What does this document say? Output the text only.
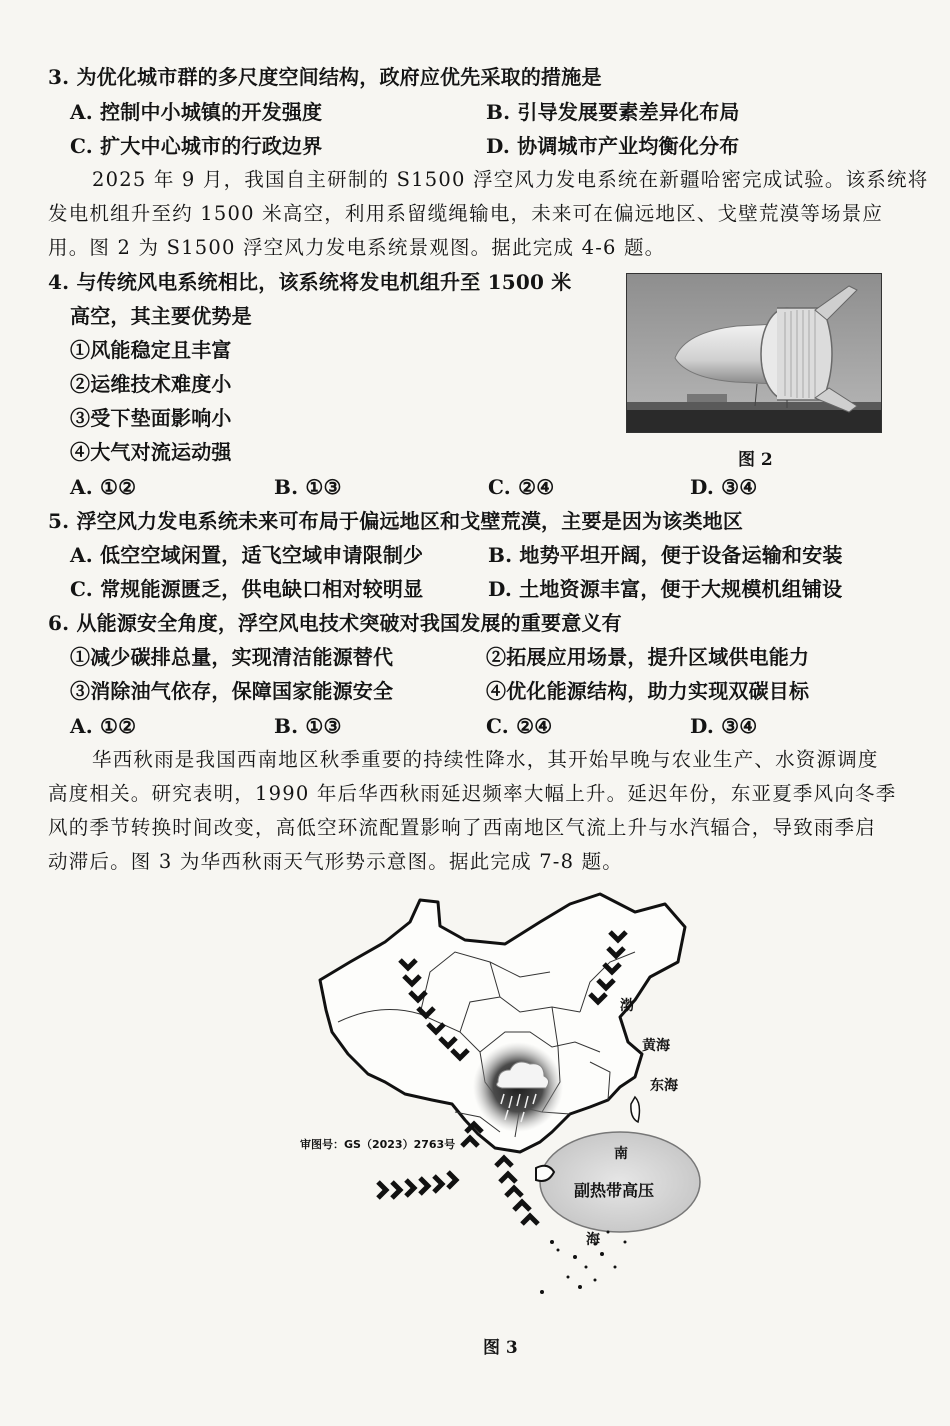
3. 为优化城市群的多尺度空间结构，政府应优先采取的措施是
A. 控制中小城镇的开发强度	B. 引导发展要素差异化布局
C. 扩大中心城市的行政边界	D. 协调城市产业均衡化分布
2025 年 9 月，我国自主研制的 S1500 浮空风力发电系统在新疆哈密完成试验。该系统将
发电机组升至约 1500 米高空，利用系留缆绳输电，未来可在偏远地区、戈壁荒漠等场景应
用。图 2 为 S1500 浮空风力发电系统景观图。据此完成 4-6 题。
4. 与传统风电系统相比，该系统将发电机组升至 1500 米
高空，其主要优势是
①风能稳定且丰富
②运维技术难度小
③受下垫面影响小
④大气对流运动强	图 2
A. ①②	B. ①③	C. ②④	D. ③④
5. 浮空风力发电系统未来可布局于偏远地区和戈壁荒漠，主要是因为该类地区
A. 低空空域闲置，适飞空域申请限制少	B. 地势平坦开阔，便于设备运输和安装
C. 常规能源匮乏，供电缺口相对较明显	D. 土地资源丰富，便于大规模机组铺设
6. 从能源安全角度，浮空风电技术突破对我国发展的重要意义有
①减少碳排总量，实现清洁能源替代	②拓展应用场景，提升区域供电能力
③消除油气依存，保障国家能源安全	④优化能源结构，助力实现双碳目标
A. ①②	B. ①③	C. ②④	D. ③④
华西秋雨是我国西南地区秋季重要的持续性降水，其开始早晚与农业生产、水资源调度
高度相关。研究表明，1990 年后华西秋雨延迟频率大幅上升。延迟年份，东亚夏季风向冬季
风的季节转换时间改变，高低空环流配置影响了西南地区气流上升与水汽辐合，导致雨季启
动滞后。图 3 为华西秋雨天气形势示意图。据此完成 7-8 题。
渤
黄海
东海
南
海
副热带高压
审图号：GS（2023）2763号
图 3
